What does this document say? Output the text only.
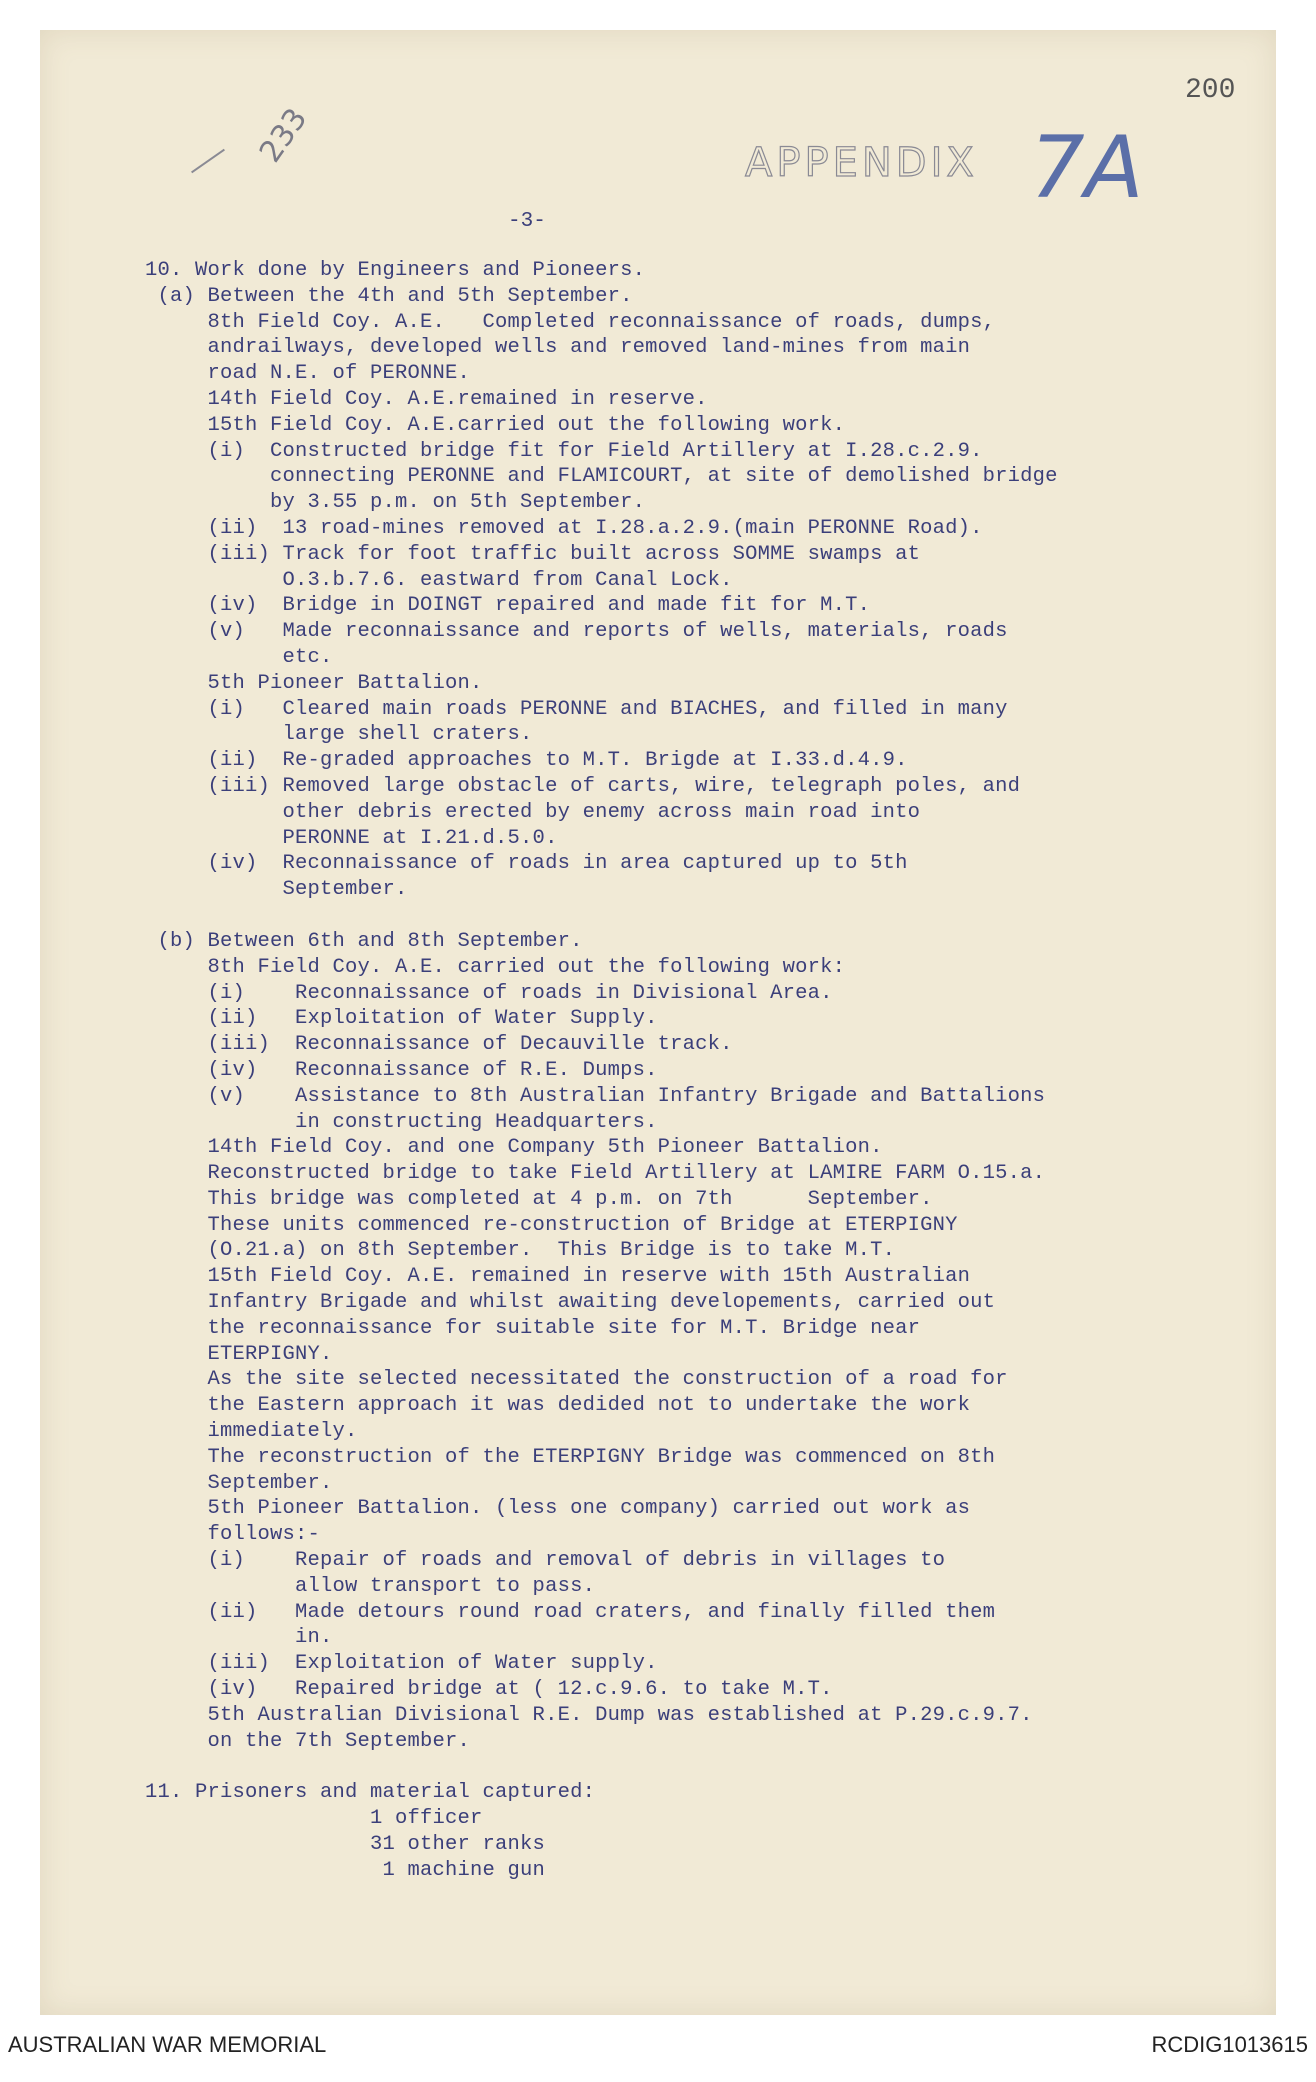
233	APPENDIX 7A
200
-3-
10. Work done by Engineers and Pioneers.
(a) Between the 4th and 5th September.
8th Field Coy. A.E.   Completed reconnaissance of roads, dumps,
andrailways, developed wells and removed land-mines from main
road N.E. of PERONNE.
14th Field Coy. A.E.remained in reserve.
15th Field Coy. A.E.carried out the following work.
(i)  Constructed bridge fit for Field Artillery at I.28.c.2.9.
connecting PERONNE and FLAMICOURT, at site of demolished bridge
by 3.55 p.m. on 5th September.
(ii)  13 road-mines removed at I.28.a.2.9.(main PERONNE Road).
(iii) Track for foot traffic built across SOMME swamps at
O.3.b.7.6. eastward from Canal Lock.
(iv)  Bridge in DOINGT repaired and made fit for M.T.
(v)   Made reconnaissance and reports of wells, materials, roads
etc.
5th Pioneer Battalion.
(i)   Cleared main roads PERONNE and BIACHES, and filled in many
large shell craters.
(ii)  Re-graded approaches to M.T. Brigde at I.33.d.4.9.
(iii) Removed large obstacle of carts, wire, telegraph poles, and
other debris erected by enemy across main road into
PERONNE at I.21.d.5.0.
(iv)  Reconnaissance of roads in area captured up to 5th
September.
(b) Between 6th and 8th September.
8th Field Coy. A.E. carried out the following work:
(i)    Reconnaissance of roads in Divisional Area.
(ii)   Exploitation of Water Supply.
(iii)  Reconnaissance of Decauville track.
(iv)   Reconnaissance of R.E. Dumps.
(v)    Assistance to 8th Australian Infantry Brigade and Battalions
in constructing Headquarters.
14th Field Coy. and one Company 5th Pioneer Battalion.
Reconstructed bridge to take Field Artillery at LAMIRE FARM O.15.a.
This bridge was completed at 4 p.m. on 7th      September.
These units commenced re-construction of Bridge at ETERPIGNY
(O.21.a) on 8th September.  This Bridge is to take M.T.
15th Field Coy. A.E. remained in reserve with 15th Australian
Infantry Brigade and whilst awaiting developements, carried out
the reconnaissance for suitable site for M.T. Bridge near
ETERPIGNY.
As the site selected necessitated the construction of a road for
the Eastern approach it was dedided not to undertake the work
immediately.
The reconstruction of the ETERPIGNY Bridge was commenced on 8th
September.
5th Pioneer Battalion. (less one company) carried out work as
follows:-
(i)    Repair of roads and removal of debris in villages to
allow transport to pass.
(ii)   Made detours round road craters, and finally filled them
in.
(iii)  Exploitation of Water supply.
(iv)   Repaired bridge at ( 12.c.9.6. to take M.T.
5th Australian Divisional R.E. Dump was established at P.29.c.9.7.
on the 7th September.
11. Prisoners and material captured:
1 officer
31 other ranks
1 machine gun
AUSTRALIAN WAR MEMORIAL	RCDIG1013615
